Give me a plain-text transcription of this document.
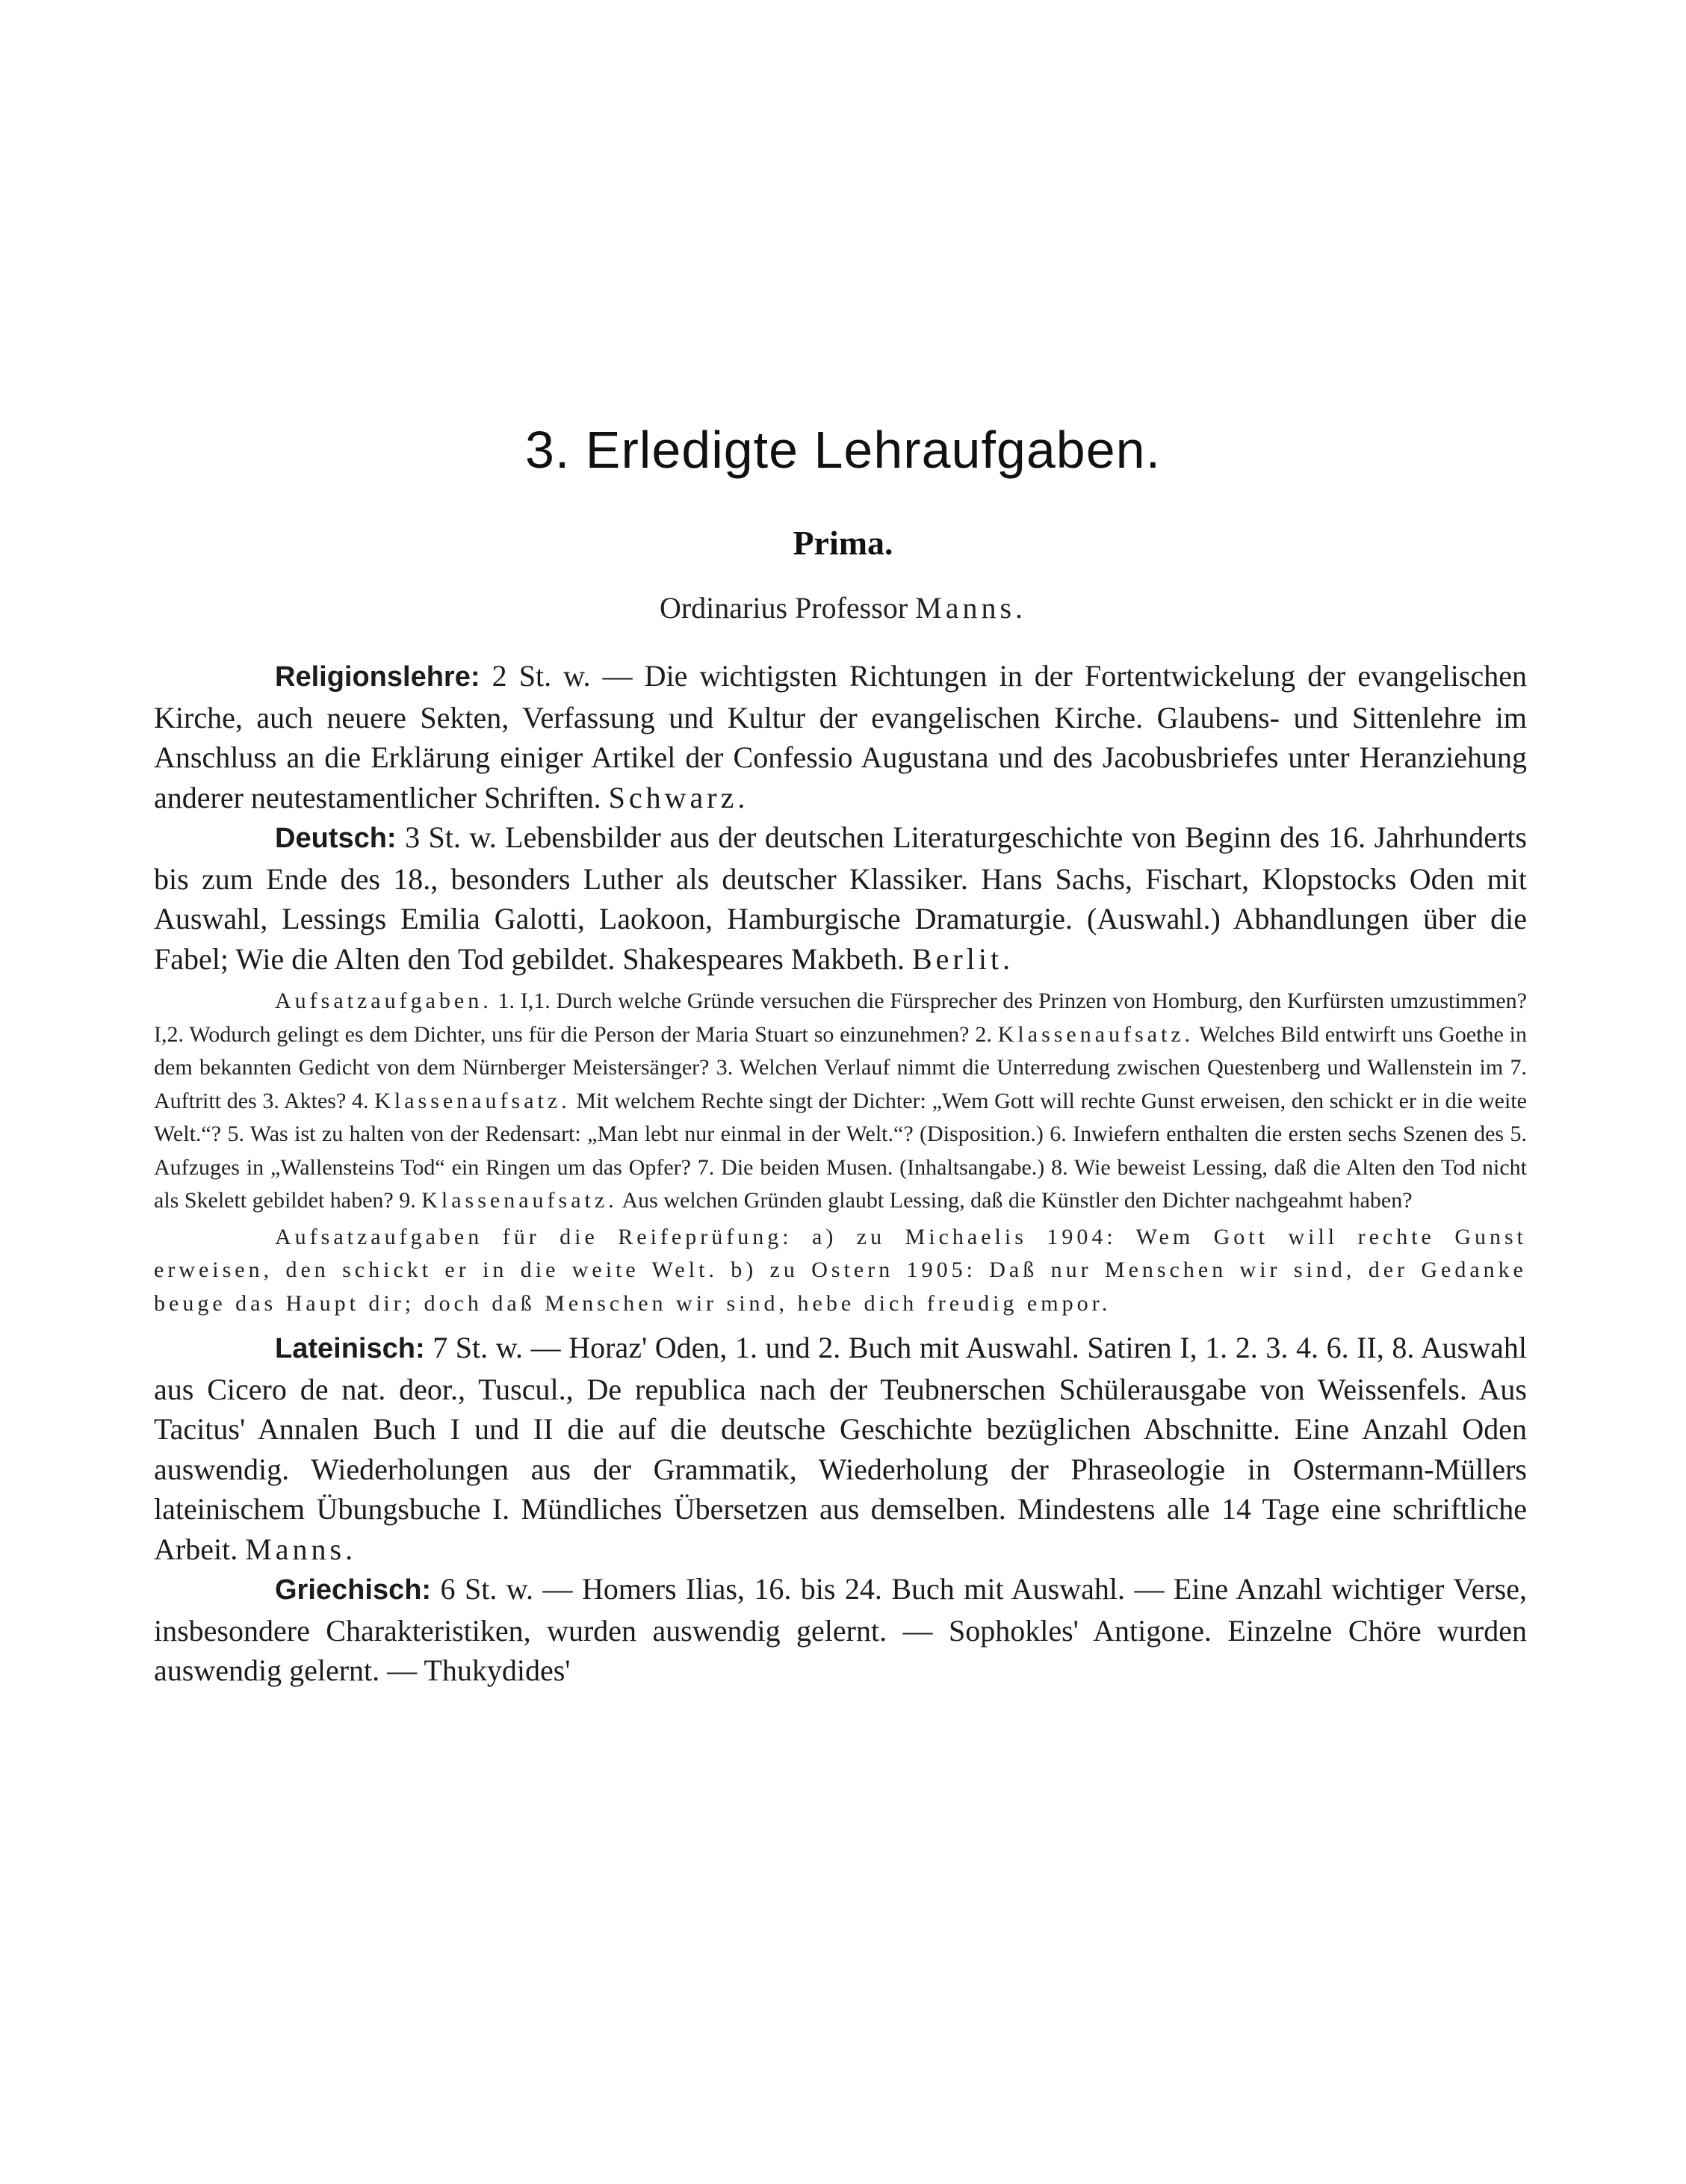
3. Erledigte Lehraufgaben.
Prima.
Ordinarius Professor Manns.

Religionslehre: 2 St. w. — Die wichtigsten Richtungen in der Fortentwickelung der evangelischen Kirche, auch neuere Sekten, Verfassung und Kultur der evangelischen Kirche. Glaubens- und Sittenlehre im Anschluss an die Erklärung einiger Artikel der Confessio Augustana und des Jacobusbriefes unter Heranziehung anderer neutestamentlicher Schriften. Schwarz.

Deutsch: 3 St. w. Lebensbilder aus der deutschen Literaturgeschichte von Beginn des 16. Jahrhunderts bis zum Ende des 18., besonders Luther als deutscher Klassiker. Hans Sachs, Fischart, Klopstocks Oden mit Auswahl, Lessings Emilia Galotti, Laokoon, Hamburgische Dramaturgie. (Auswahl.) Abhandlungen über die Fabel; Wie die Alten den Tod gebildet. Shakespeares Makbeth. Berlit.

Aufsatzaufgaben. 1. I,1. Durch welche Gründe versuchen die Fürsprecher des Prinzen von Homburg, den Kurfürsten umzustimmen? I,2. Wodurch gelingt es dem Dichter, uns für die Person der Maria Stuart so einzunehmen? 2. Klassenaufsatz. Welches Bild entwirft uns Goethe in dem bekannten Gedicht von dem Nürnberger Meistersänger? 3. Welchen Verlauf nimmt die Unterredung zwischen Questenberg und Wallenstein im 7. Auftritt des 3. Aktes? 4. Klassenaufsatz. Mit welchem Rechte singt der Dichter: „Wem Gott will rechte Gunst erweisen, den schickt er in die weite Welt.“? 5. Was ist zu halten von der Redensart: „Man lebt nur einmal in der Welt.“? (Disposition.) 6. Inwiefern enthalten die ersten sechs Szenen des 5. Aufzuges in „Wallensteins Tod“ ein Ringen um das Opfer? 7. Die beiden Musen. (Inhaltsangabe.) 8. Wie beweist Lessing, daß die Alten den Tod nicht als Skelett gebildet haben? 9. Klassenaufsatz. Aus welchen Gründen glaubt Lessing, daß die Künstler den Dichter nachgeahmt haben?

Aufsatzaufgaben für die Reifeprüfung: a) zu Michaelis 1904: Wem Gott will rechte Gunst erweisen, den schickt er in die weite Welt. b) zu Ostern 1905: Daß nur Menschen wir sind, der Gedanke beuge das Haupt dir; doch daß Menschen wir sind, hebe dich freudig empor.

Lateinisch: 7 St. w. — Horaz' Oden, 1. und 2. Buch mit Auswahl. Satiren I, 1. 2. 3. 4. 6. II, 8. Auswahl aus Cicero de nat. deor., Tuscul., De republica nach der Teubnerschen Schülerausgabe von Weissenfels. Aus Tacitus' Annalen Buch I und II die auf die deutsche Geschichte bezüglichen Abschnitte. Eine Anzahl Oden auswendig. Wiederholungen aus der Grammatik, Wiederholung der Phraseologie in Ostermann-Müllers lateinischem Übungsbuche I. Mündliches Übersetzen aus demselben. Mindestens alle 14 Tage eine schriftliche Arbeit. Manns.

Griechisch: 6 St. w. — Homers Ilias, 16. bis 24. Buch mit Auswahl. — Eine Anzahl wichtiger Verse, insbesondere Charakteristiken, wurden auswendig gelernt. — Sophokles' Antigone. Einzelne Chöre wurden auswendig gelernt. — Thukydides'
